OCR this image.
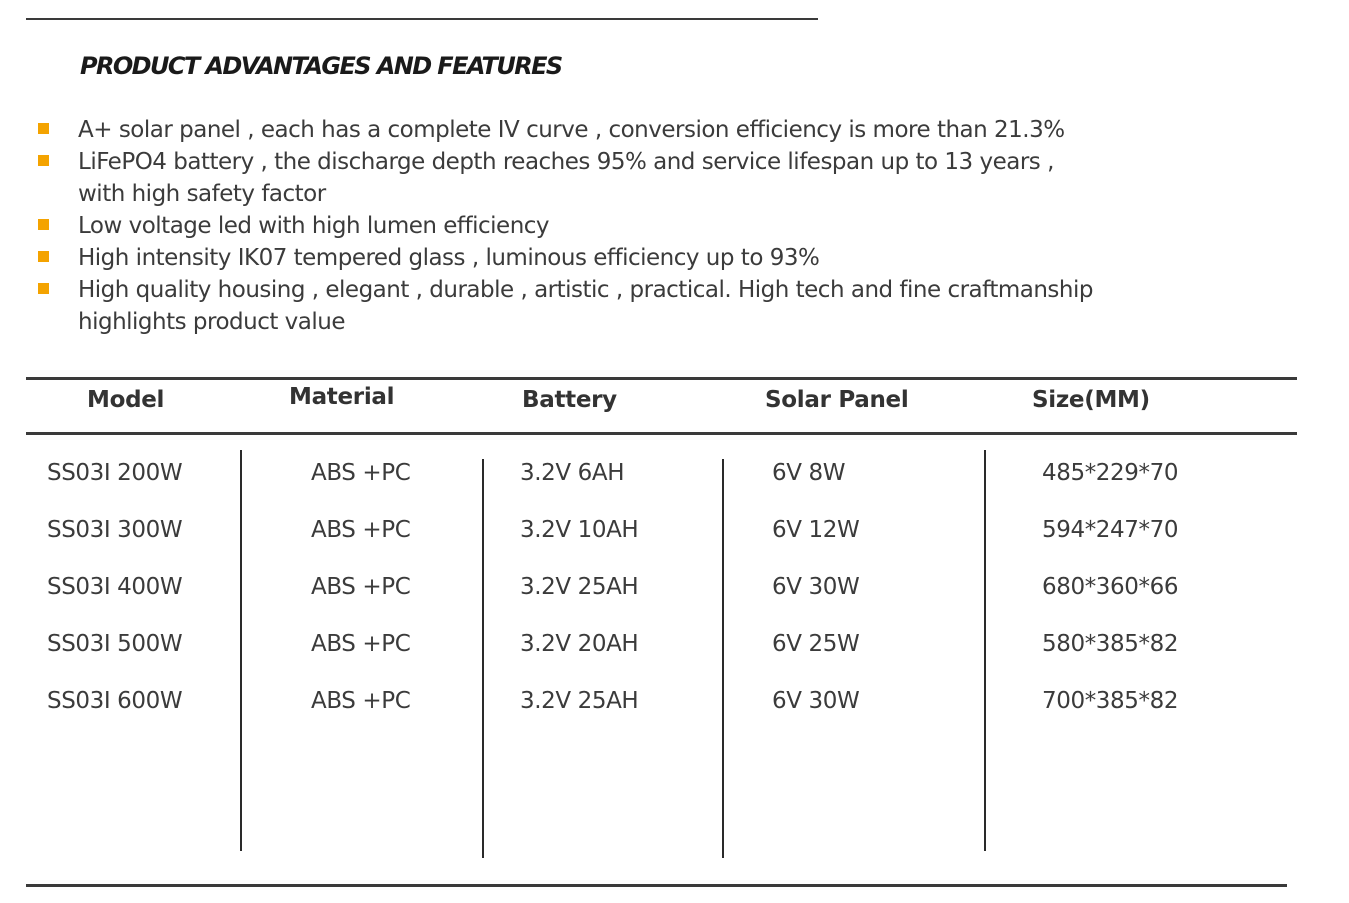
PRODUCT ADVANTAGES AND FEATURES
A+ solar panel , each has a complete IV curve , conversion efficiency is more than 21.3%
LiFePO4 battery , the discharge depth reaches 95% and service lifespan up to 13 years ,
with high safety factor
Low voltage led with high lumen efficiency
High intensity IK07 tempered glass , luminous efficiency up to 93%
High quality housing , elegant , durable , artistic , practical. High tech and fine craftmanship
highlights product value
Model	Material	Battery	Solar Panel	Size(MM)
SS03I 200W	ABS +PC	3.2V 6AH	6V 8W	485*229*70
SS03I 300W	ABS +PC	3.2V 10AH	6V 12W	594*247*70
SS03I 400W	ABS +PC	3.2V 25AH	6V 30W	680*360*66
SS03I 500W	ABS +PC	3.2V 20AH	6V 25W	580*385*82
SS03I 600W	ABS +PC	3.2V 25AH	6V 30W	700*385*82
